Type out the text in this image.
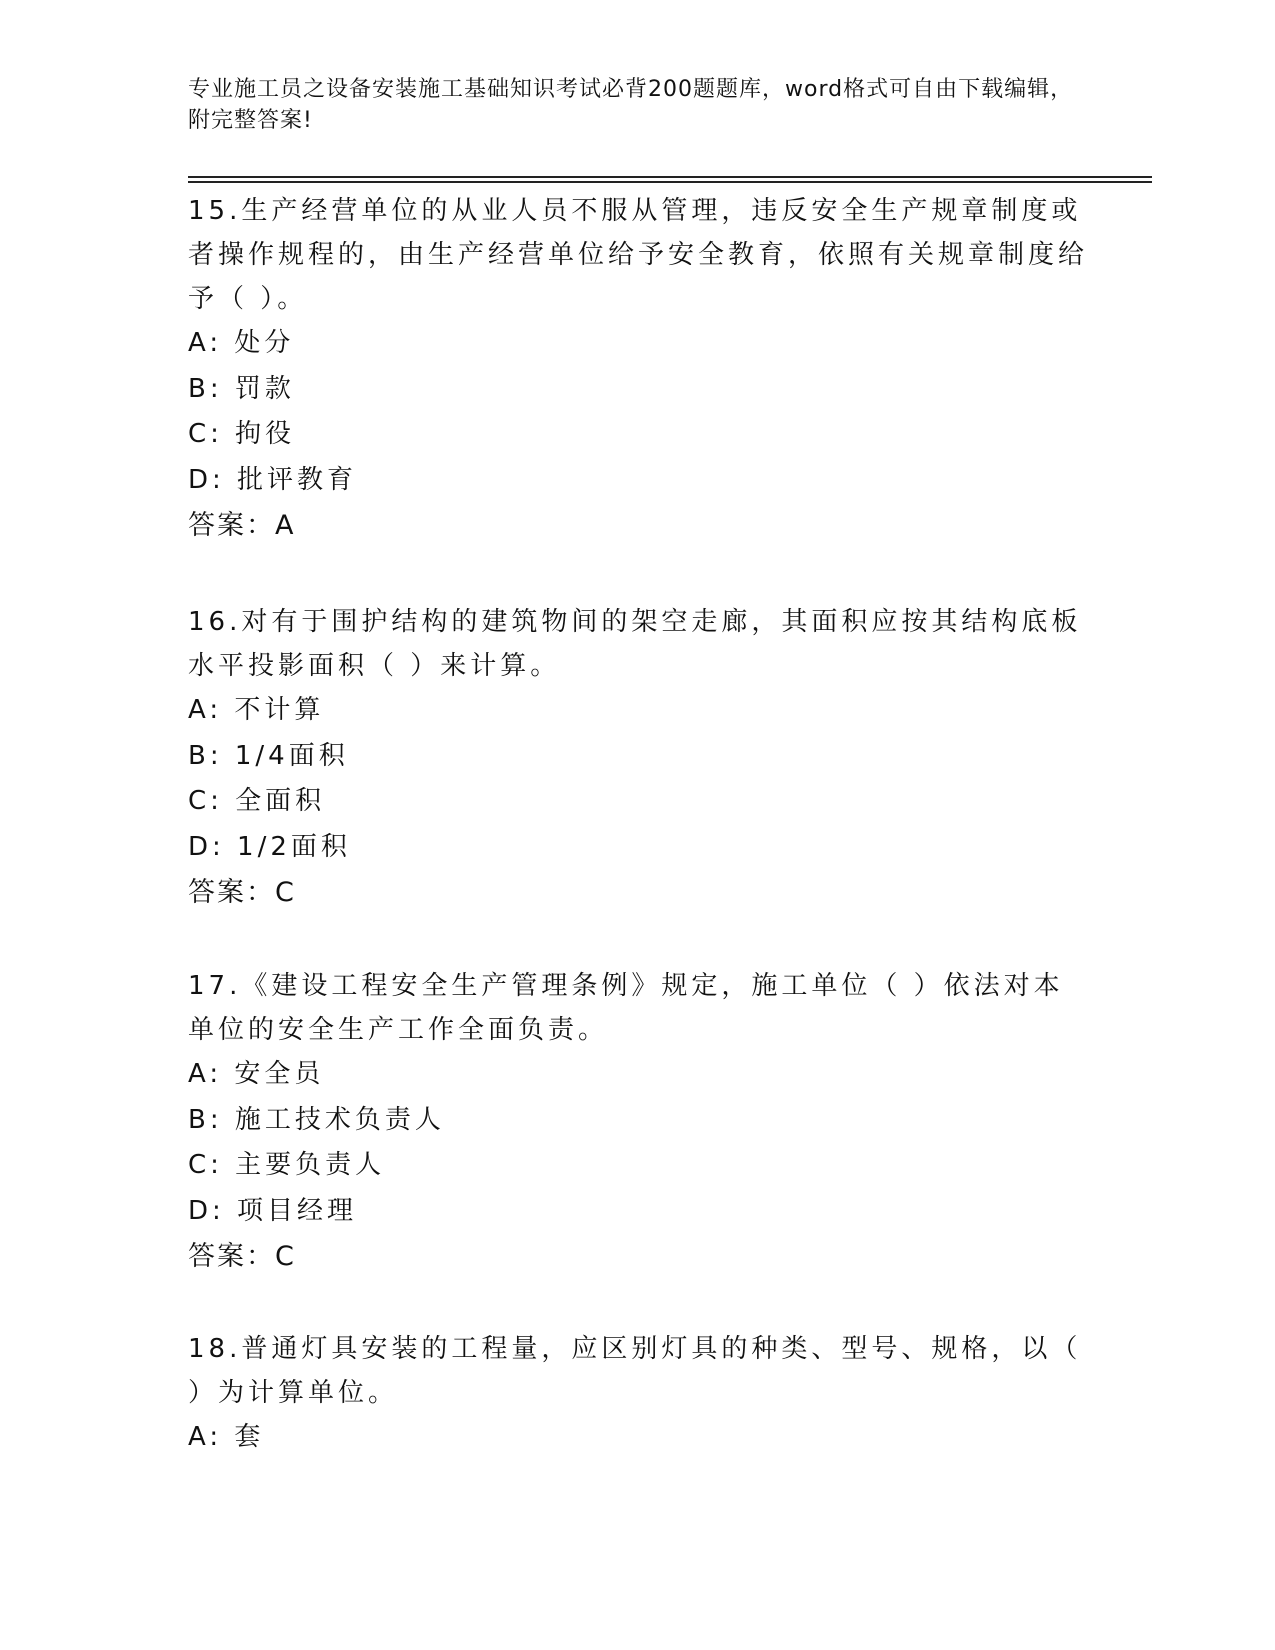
专业施工员之设备安装施工基础知识考试必背200题题库，word格式可自由下载编辑，附完整答案!

15.生产经营单位的从业人员不服从管理，违反安全生产规章制度或者操作规程的，由生产经营单位给予安全教育，依照有关规章制度给予（ ）。

A: 处分

B: 罚款

C: 拘役

D: 批评教育

答案：A

16.对有于围护结构的建筑物间的架空走廊，其面积应按其结构底板水平投影面积（ ）来计算。

A: 不计算

B: 1/4面积

C: 全面积

D: 1/2面积

答案：C

17.《建设工程安全生产管理条例》规定，施工单位（ ）依法对本单位的安全生产工作全面负责。

A: 安全员

B: 施工技术负责人

C: 主要负责人

D: 项目经理

答案：C

18.普通灯具安装的工程量，应区别灯具的种类、型号、规格，以（ ）为计算单位。

A: 套
